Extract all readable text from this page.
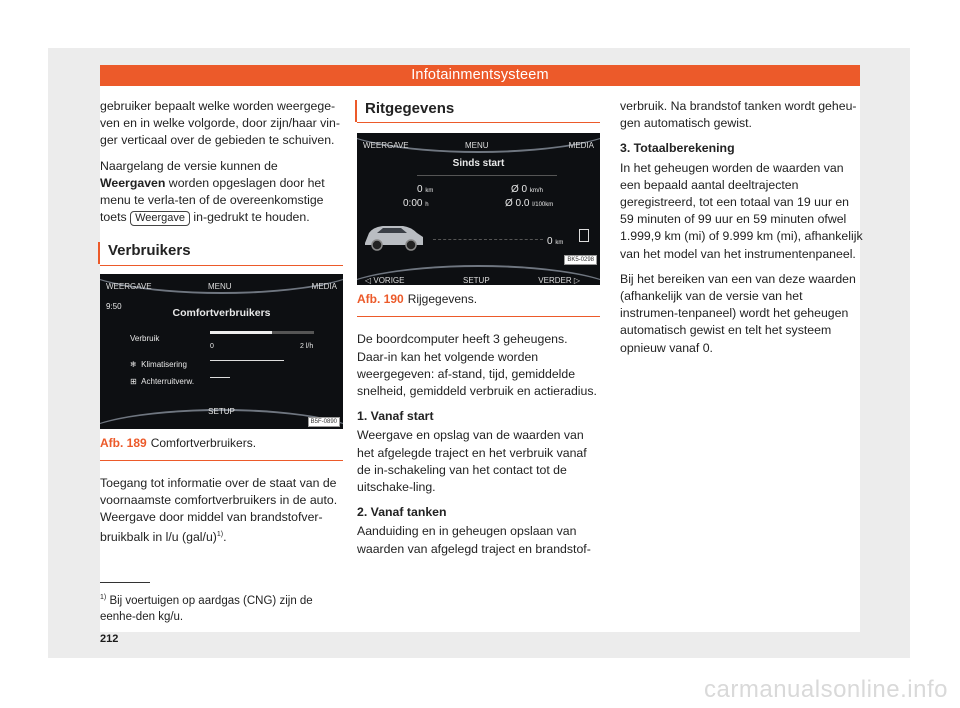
Infotainmentsysteem

gebruiker bepaalt welke worden weergege-ven en in welke volgorde, door zijn/haar vin-ger verticaal over de gebieden te schuiven.

Naargelang de versie kunnen de Weergaven worden opgeslagen door het menu te verla-ten of de overeenkomstige toets Weergave in-gedrukt te houden.

Verbruikers
WEERGAVE	MENU	MEDIA
9:50
Comfortverbruikers
Verbruik
0	2 l/h
❄ Klimatisering
⊞ Achterruitverw.
SETUP
B5F-0890
Afb. 189 Comfortverbruikers.

Toegang tot informatie over de staat van de voornaamste comfortverbruikers in de auto. Weergave door middel van brandstofver-bruikbalk in l/u $(gal/u)^{1)}$.

Ritgegevens
WEERGAVE	MENU	MEDIA
Sinds start
0 km
0:00 h
Ø 0 km/h
Ø 0.0 l/100km
0 km
◁ VORIGE	SETUP	VERDER ▷
BK5-0298
Afb. 190 Rijgegevens.

De boordcomputer heeft 3 geheugens. Daar-in kan het volgende worden weergegeven: af-stand, tijd, gemiddelde snelheid, gemiddeld verbruik en actieradius.

1. Vanaf start

Weergave en opslag van de waarden van het afgelegde traject en het verbruik vanaf de in-schakeling van het contact tot de uitschake-ling.

2. Vanaf tanken

Aanduiding en in geheugen opslaan van waarden van afgelegd traject en brandstof-

verbruik. Na brandstof tanken wordt geheu-gen automatisch gewist.

3. Totaalberekening

In het geheugen worden de waarden van een bepaald aantal deeltrajecten geregistreerd, tot een totaal van 19 uur en 59 minuten of 99 uur en 59 minuten ofwel 1.999,9 km (mi) of 9.999 km (mi), afhankelijk van het model van het instrumentenpaneel.

Bij het bereiken van een van deze waarden (afhankelijk van de versie van het instrumen-tenpaneel) wordt het geheugen automatisch gewist en telt het systeem opnieuw vanaf 0.

$^{1)}$ Bij voertuigen op aardgas (CNG) zijn de eenhe-den kg/u.
212
carmanualsonline.info
